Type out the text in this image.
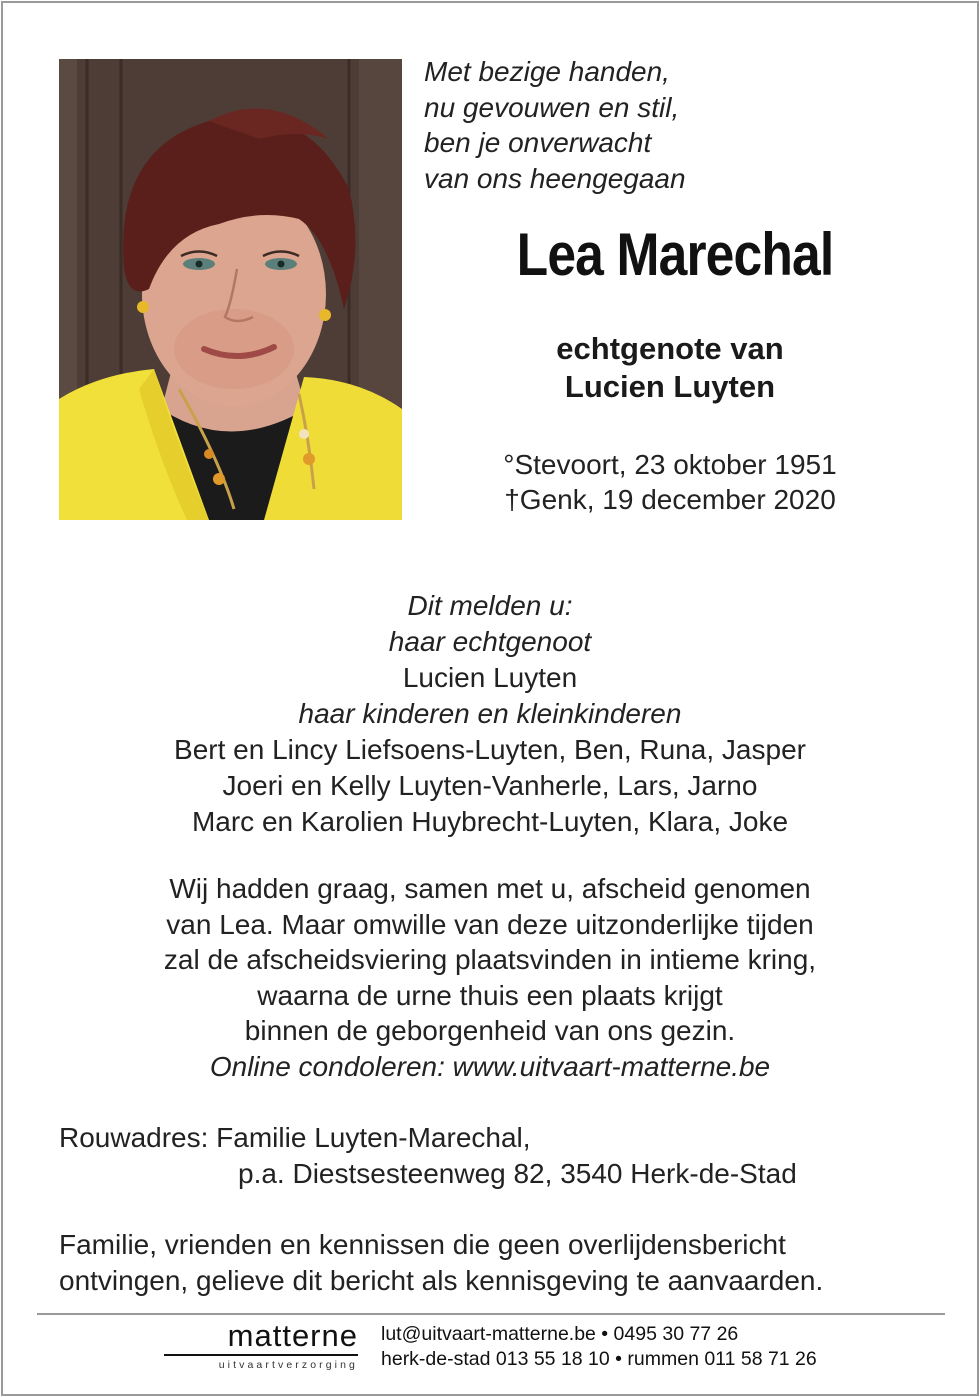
Met bezige handen,
nu gevouwen en stil,
ben je onverwacht
van ons heengegaan
Lea Marechal
echtgenote van
Lucien Luyten
°Stevoort, 23 oktober 1951
†Genk, 19 december 2020
Dit melden u:
haar echtgenoot
Lucien Luyten
haar kinderen en kleinkinderen
Bert en Lincy Liefsoens-Luyten, Ben, Runa, Jasper
Joeri en Kelly Luyten-Vanherle, Lars, Jarno
Marc en Karolien Huybrecht-Luyten, Klara, Joke
Wij hadden graag, samen met u, afscheid genomen
van Lea. Maar omwille van deze uitzonderlijke tijden
zal de afscheidsviering plaatsvinden in intieme kring,
waarna de urne thuis een plaats krijgt
binnen de geborgenheid van ons gezin.
Online condoleren: www.uitvaart-matterne.be
Rouwadres: Familie Luyten-Marechal,
p.a. Diestsesteenweg 82, 3540 Herk-de-Stad
Familie, vrienden en kennissen die geen overlijdensbericht
ontvingen, gelieve dit bericht als kennisgeving te aanvaarden.
matterne
uitvaartverzorging
lut@uitvaart-matterne.be • 0495 30 77 26
herk-de-stad 013 55 18 10 • rummen 011 58 71 26
